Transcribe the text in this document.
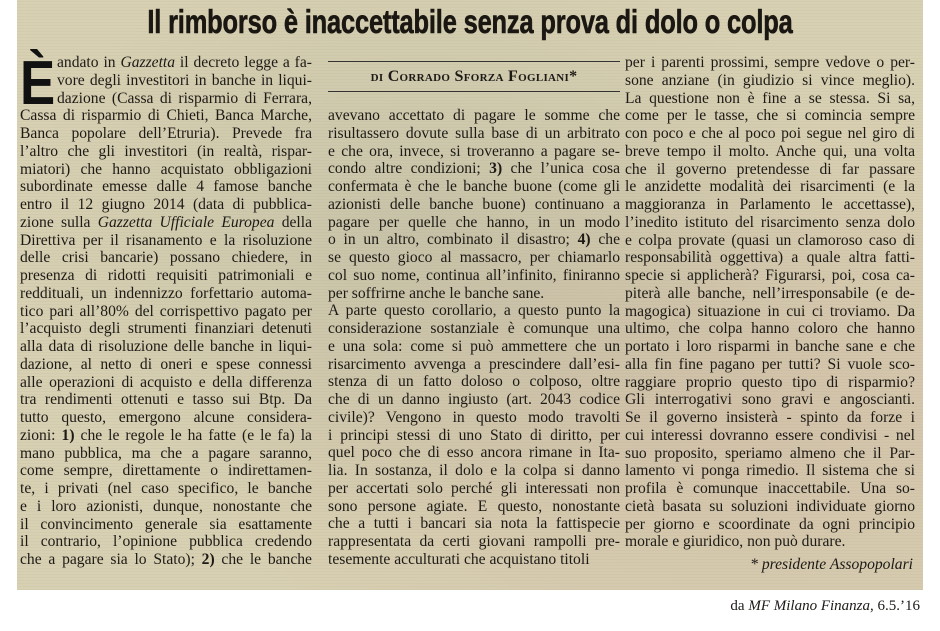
Il rimborso è inaccettabile senza prova di dolo o colpa
È	di Corrado Sforza Fogliani*
andato in Gazzetta il decreto legge a fa-
vore degli investitori in banche in liqui-
dazione (Cassa di risparmio di Ferrara,
Cassa di risparmio di Chieti, Banca Marche,
Banca popolare dell’Etruria). Prevede fra
l’altro che gli investitori (in realtà, rispar-
miatori) che hanno acquistato obbligazioni
subordinate emesse dalle 4 famose banche
entro il 12 giugno 2014 (data di pubblica-
zione sulla Gazzetta Ufficiale Europea della
Direttiva per il risanamento e la risoluzione
delle crisi bancarie) possano chiedere, in
presenza di ridotti requisiti patrimoniali e
reddituali, un indennizzo forfettario automa-
tico pari all’80% del corrispettivo pagato per
l’acquisto degli strumenti finanziari detenuti
alla data di risoluzione delle banche in liqui-
dazione, al netto di oneri e spese connessi
alle operazioni di acquisto e della differenza
tra rendimenti ottenuti e tasso sui Btp. Da
tutto questo, emergono alcune considera-
zioni: 1) che le regole le ha fatte (e le fa) la
mano pubblica, ma che a pagare saranno,
come sempre, direttamente o indirettamen-
te, i privati (nel caso specifico, le banche
e i loro azionisti, dunque, nonostante che
il convincimento generale sia esattamente
il contrario, l’opinione pubblica credendo
che a pagare sia lo Stato); 2) che le banche
avevano accettato di pagare le somme che
risultassero dovute sulla base di un arbitrato
e che ora, invece, si troveranno a pagare se-
condo altre condizioni; 3) che l’unica cosa
confermata è che le banche buone (come gli
azionisti delle banche buone) continuano a
pagare per quelle che hanno, in un modo
o in un altro, combinato il disastro; 4) che
se questo gioco al massacro, per chiamarlo
col suo nome, continua all’infinito, finiranno
per soffrirne anche le banche sane.
A parte questo corollario, a questo punto la
considerazione sostanziale è comunque una
e una sola: come si può ammettere che un
risarcimento avvenga a prescindere dall’esi-
stenza di un fatto doloso o colposo, oltre
che di un danno ingiusto (art. 2043 codice
civile)? Vengono in questo modo travolti
i principi stessi di uno Stato di diritto, per
quel poco che di esso ancora rimane in Ita-
lia. In sostanza, il dolo e la colpa si danno
per accertati solo perché gli interessati non
sono persone agiate. E questo, nonostante
che a tutti i bancari sia nota la fattispecie
rappresentata da certi giovani rampolli pre-
tesemente acculturati che acquistano titoli
per i parenti prossimi, sempre vedove o per-
sone anziane (in giudizio si vince meglio).
La questione non è fine a se stessa. Si sa,
come per le tasse, che si comincia sempre
con poco e che al poco poi segue nel giro di
breve tempo il molto. Anche qui, una volta
che il governo pretendesse di far passare
le anzidette modalità dei risarcimenti (e la
maggioranza in Parlamento le accettasse),
l’inedito istituto del risarcimento senza dolo
e colpa provate (quasi un clamoroso caso di
responsabilità oggettiva) a quale altra fatti-
specie si applicherà? Figurarsi, poi, cosa ca-
piterà alle banche, nell’irresponsabile (e de-
magogica) situazione in cui ci troviamo. Da
ultimo, che colpa hanno coloro che hanno
portato i loro risparmi in banche sane e che
alla fin fine pagano per tutti? Si vuole sco-
raggiare proprio questo tipo di risparmio?
Gli interrogativi sono gravi e angoscianti.
Se il governo insisterà - spinto da forze i
cui interessi dovranno essere condivisi - nel
suo proposito, speriamo almeno che il Par-
lamento vi ponga rimedio. Il sistema che si
profila è comunque inaccettabile. Una so-
cietà basata su soluzioni individuate giorno
per giorno e scoordinate da ogni principio
morale e giuridico, non può durare.
* presidente Assopopolari
da MF Milano Finanza, 6.5.’16
